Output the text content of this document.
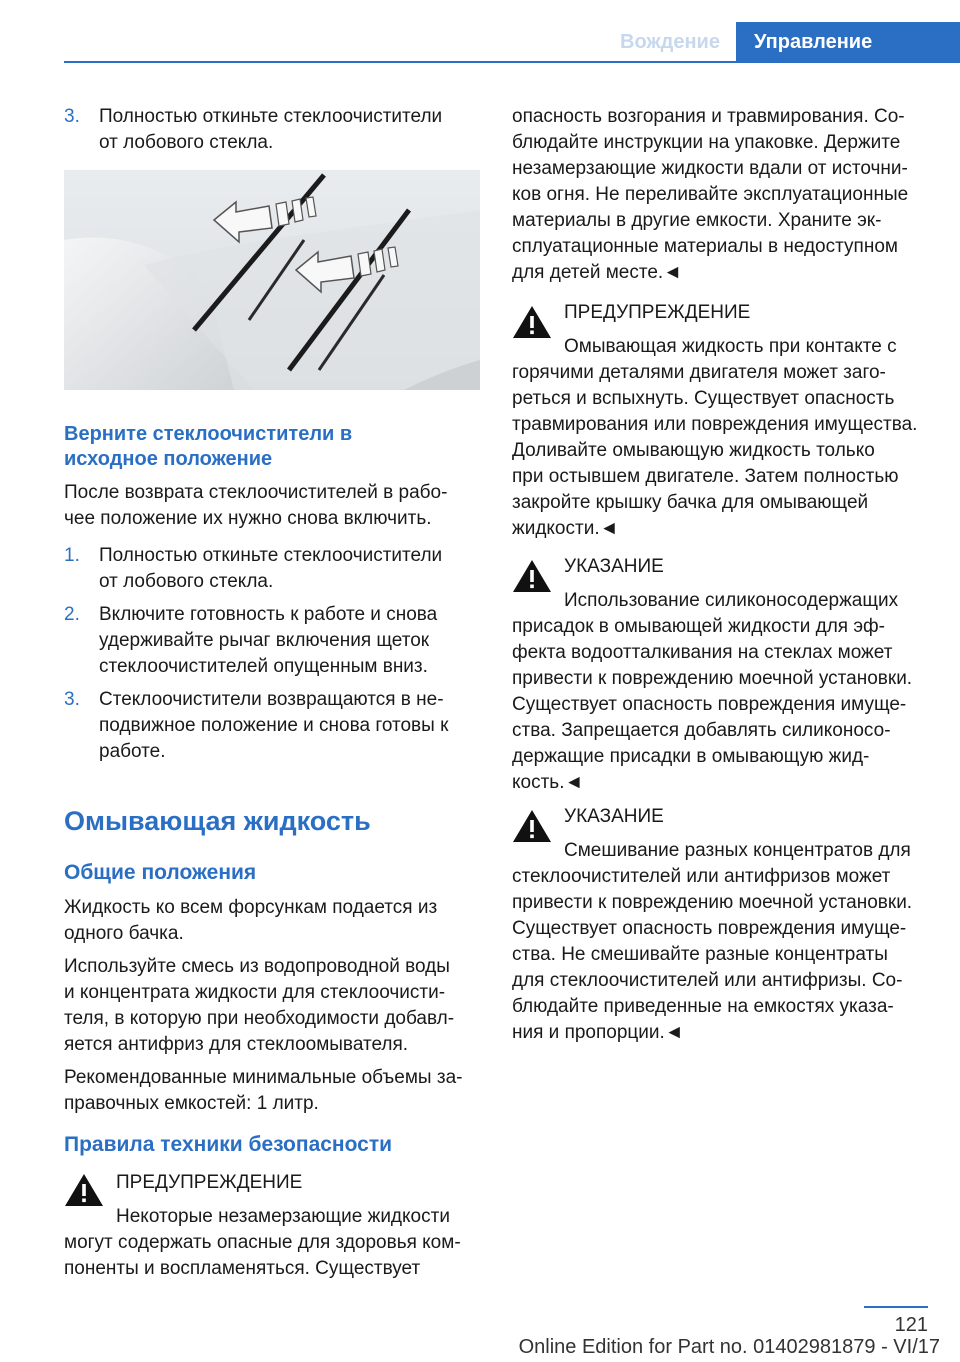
Вождение	Управление
3. Полностью откиньте стеклоочистители
от лобового стекла.
Верните стеклоочистители в
исходное положение
После возврата стеклоочистителей в рабо-
чее положение их нужно снова включить.
1. Полностью откиньте стеклоочистители
от лобового стекла.
2. Включите готовность к работе и снова
удерживайте рычаг включения щеток
стеклоочистителей опущенным вниз.
3. Стеклоочистители возвращаются в не-
подвижное положение и снова готовы к
работе.
Омывающая жидкость
Общие положения
Жидкость ко всем форсункам подается из
одного бачка.
Используйте смесь из водопроводной воды
и концентрата жидкости для стеклоочисти-
теля, в которую при необходимости добавл-
яется антифриз для стеклоомывателя.
Рекомендованные минимальные объемы за-
правочных емкостей: 1 литр.
Правила техники безопасности
ПРЕДУПРЕЖДЕНИЕ
Некоторые незамерзающие жидкости
могут содержать опасные для здоровья ком-
поненты и воспламеняться. Существует
опасность возгорания и травмирования. Со-
блюдайте инструкции на упаковке. Держите
незамерзающие жидкости вдали от источни-
ков огня. Не переливайте эксплуатационные
материалы в другие емкости. Храните эк-
сплуатационные материалы в недоступном
для детей месте.◄
ПРЕДУПРЕЖДЕНИЕ
Омывающая жидкость при контакте с
горячими деталями двигателя может заго-
реться и вспыхнуть. Существует опасность
травмирования или повреждения имущества.
Доливайте омывающую жидкость только
при остывшем двигателе. Затем полностью
закройте крышку бачка для омывающей
жидкости.◄
УКАЗАНИЕ
Использование силиконосодержащих
присадок в омывающей жидкости для эф-
фекта водоотталкивания на стеклах может
привести к повреждению моечной установки.
Существует опасность повреждения имуще-
ства. Запрещается добавлять силиконосо-
держащие присадки в омывающую жид-
кость.◄
УКАЗАНИЕ
Смешивание разных концентратов для
стеклоочистителей или антифризов может
привести к повреждению моечной установки.
Существует опасность повреждения имуще-
ства. Не смешивайте разные концентраты
для стеклоочистителей или антифризы. Со-
блюдайте приведенные на емкостях указа-
ния и пропорции.◄
121
Online Edition for Part no. 01402981879 - VI/17
